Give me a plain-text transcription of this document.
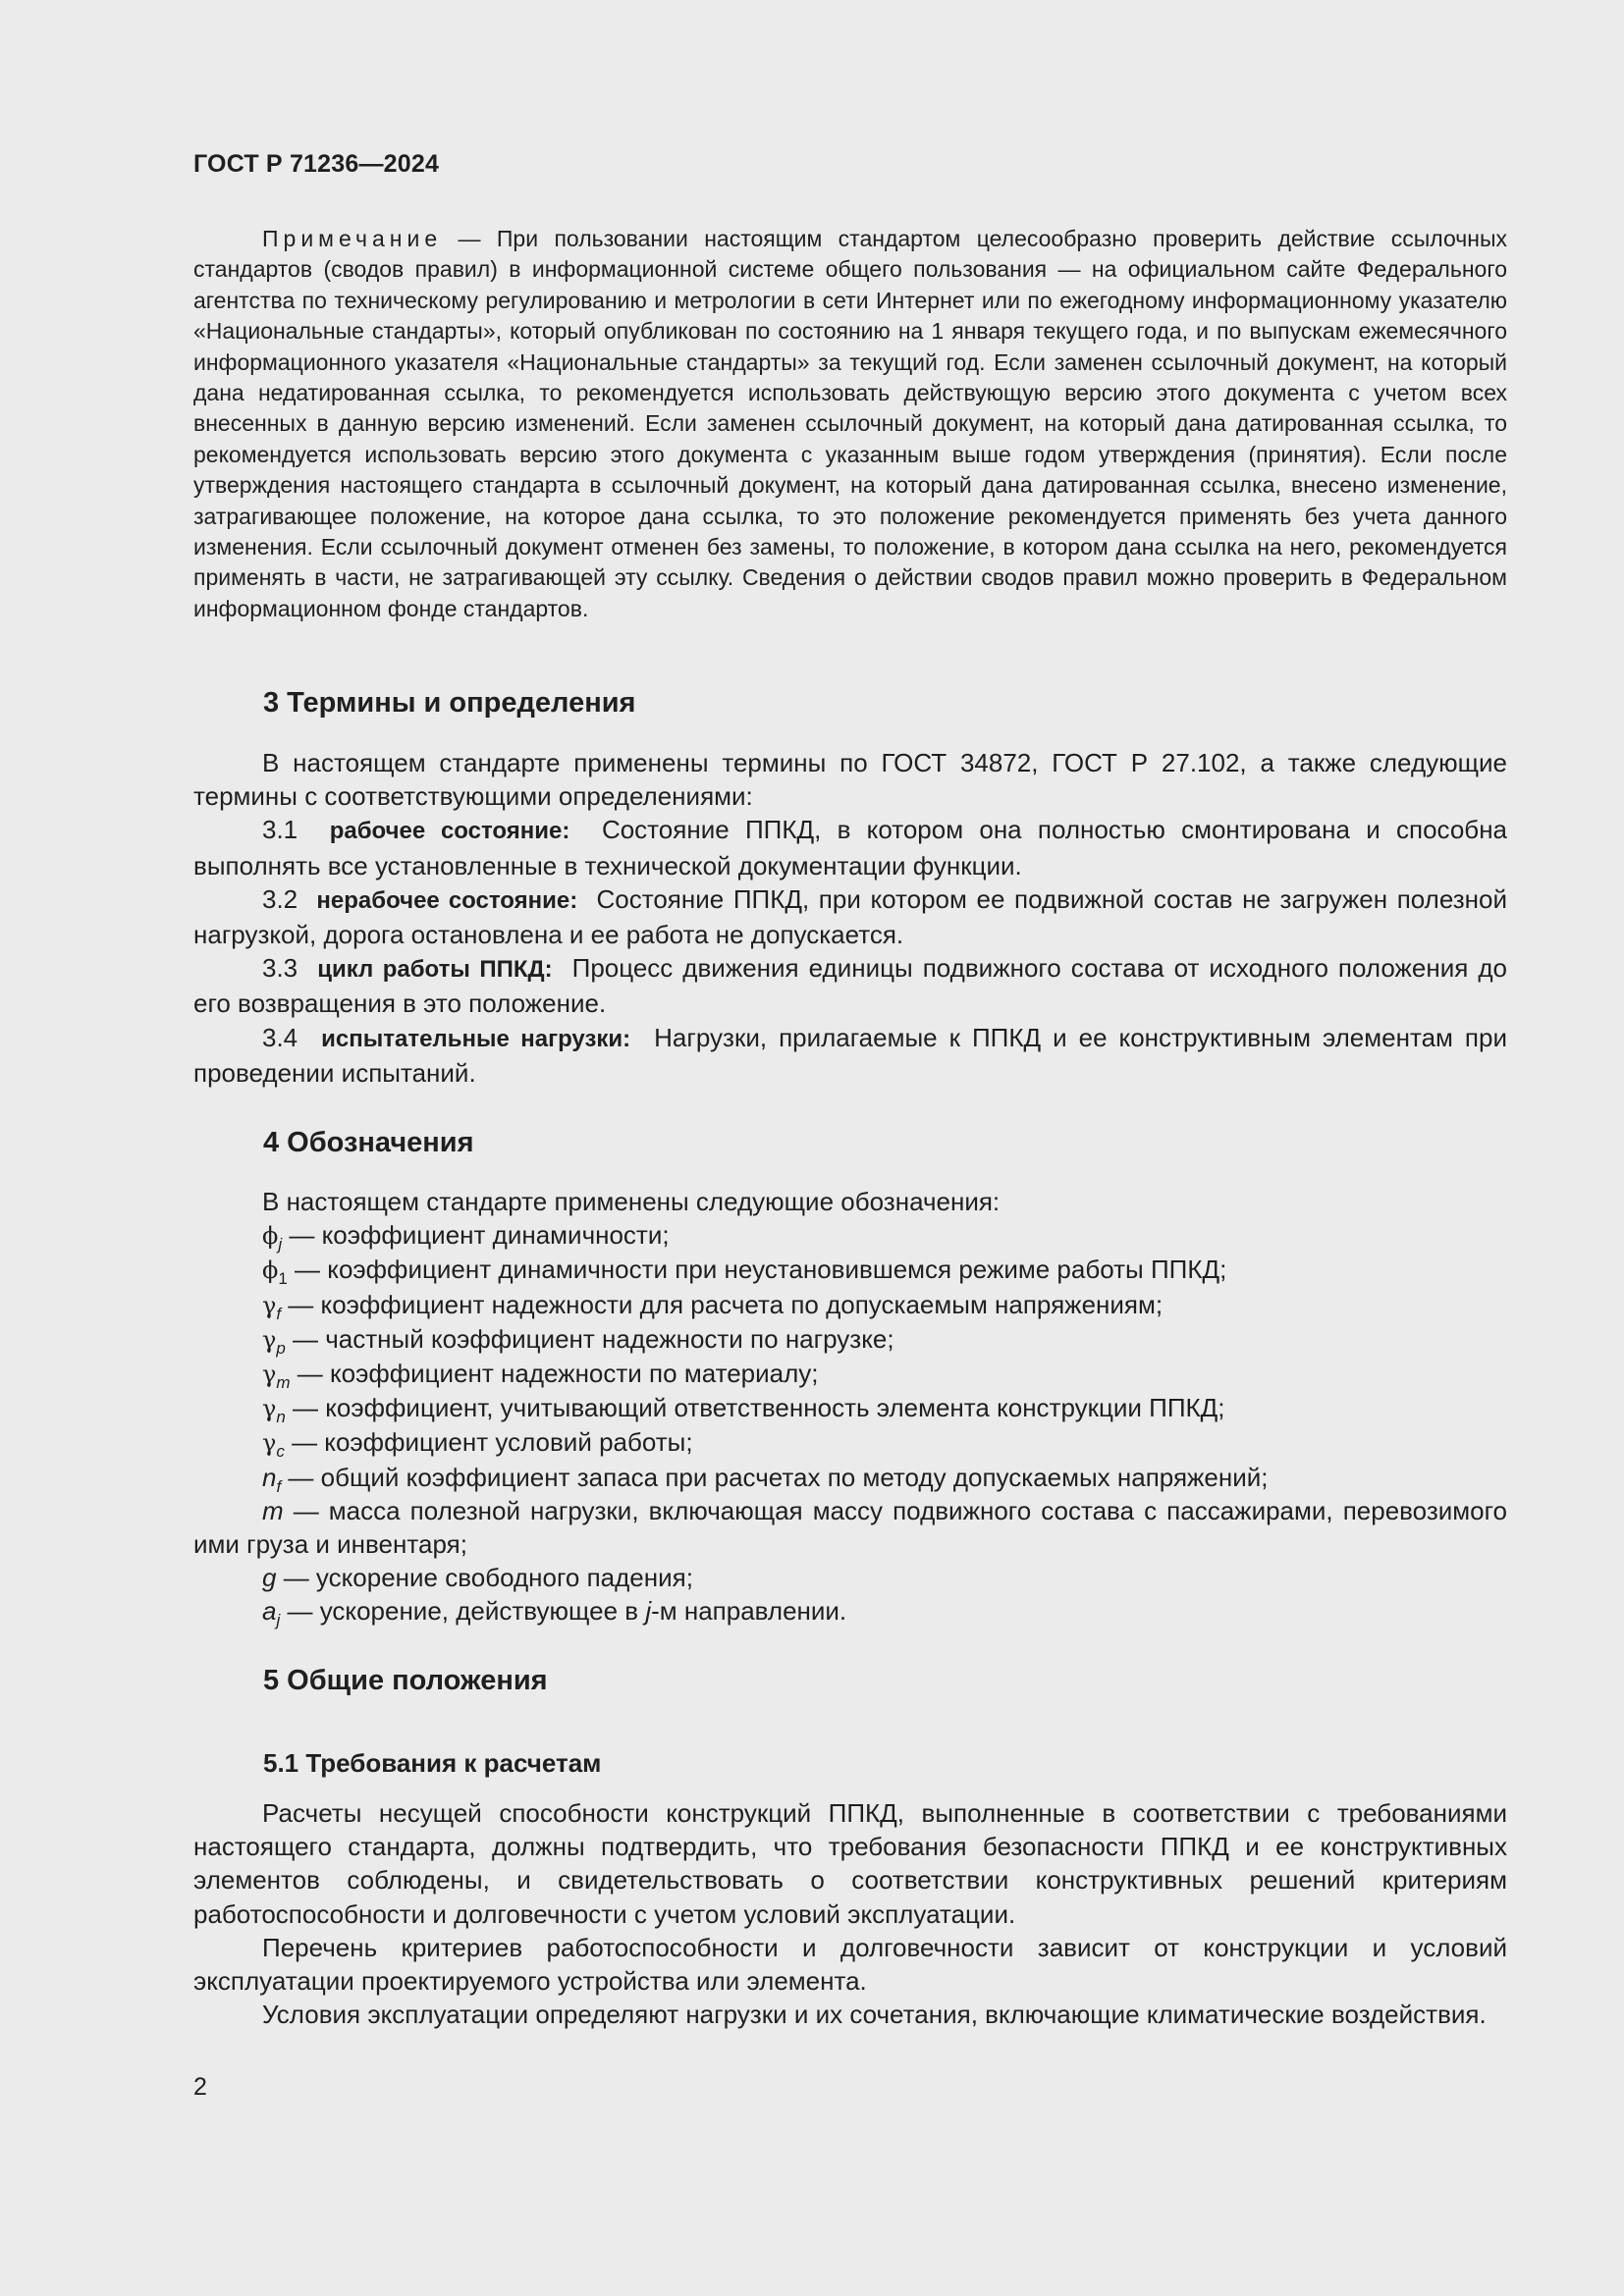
ГОСТ Р 71236—2024

Примечание — При пользовании настоящим стандартом целесообразно проверить действие ссылочных стандартов (сводов правил) в информационной системе общего пользования — на официальном сайте Федерального агентства по техническому регулированию и метрологии в сети Интернет или по ежегодному информационному указателю «Национальные стандарты», который опубликован по состоянию на 1 января текущего года, и по выпускам ежемесячного информационного указателя «Национальные стандарты» за текущий год. Если заменен ссылочный документ, на который дана недатированная ссылка, то рекомендуется использовать действующую версию этого документа с учетом всех внесенных в данную версию изменений. Если заменен ссылочный документ, на который дана датированная ссылка, то рекомендуется использовать версию этого документа с указанным выше годом утверждения (принятия). Если после утверждения настоящего стандарта в ссылочный документ, на который дана датированная ссылка, внесено изменение, затрагивающее положение, на которое дана ссылка, то это положение рекомендуется применять без учета данного изменения. Если ссылочный документ отменен без замены, то положение, в котором дана ссылка на него, рекомендуется применять в части, не затрагивающей эту ссылку. Сведения о действии сводов правил можно проверить в Федеральном информационном фонде стандартов.

3 Термины и определения

В настоящем стандарте применены термины по ГОСТ 34872, ГОСТ Р 27.102, а также следующие термины с соответствующими определениями:

3.1 рабочее состояние: Состояние ППКД, в котором она полностью смонтирована и способна выполнять все установленные в технической документации функции.

3.2 нерабочее состояние: Состояние ППКД, при котором ее подвижной состав не загружен полезной нагрузкой, дорога остановлена и ее работа не допускается.

3.3 цикл работы ППКД: Процесс движения единицы подвижного состава от исходного положения до его возвращения в это положение.

3.4 испытательные нагрузки: Нагрузки, прилагаемые к ППКД и ее конструктивным элементам при проведении испытаний.

4 Обозначения

В настоящем стандарте применены следующие обозначения:

$\phi_j$ — коэффициент динамичности;

$\phi_1$ — коэффициент динамичности при неустановившемся режиме работы ППКД;

$\gamma_f$ — коэффициент надежности для расчета по допускаемым напряжениям;

$\gamma_p$ — частный коэффициент надежности по нагрузке;

$\gamma_m$ — коэффициент надежности по материалу;

$\gamma_n$ — коэффициент, учитывающий ответственность элемента конструкции ППКД;

$\gamma_c$ — коэффициент условий работы;

$n_f$ — общий коэффициент запаса при расчетах по методу допускаемых напряжений;

m — масса полезной нагрузки, включающая массу подвижного состава с пассажирами, перевозимого ими груза и инвентаря;

g — ускорение свободного падения;

$a_j$ — ускорение, действующее в j-м направлении.

5 Общие положения
5.1 Требования к расчетам

Расчеты несущей способности конструкций ППКД, выполненные в соответствии с требованиями настоящего стандарта, должны подтвердить, что требования безопасности ППКД и ее конструктивных элементов соблюдены, и свидетельствовать о соответствии конструктивных решений критериям работоспособности и долговечности с учетом условий эксплуатации.

Перечень критериев работоспособности и долговечности зависит от конструкции и условий эксплуатации проектируемого устройства или элемента.

Условия эксплуатации определяют нагрузки и их сочетания, включающие климатические воздействия.

2
